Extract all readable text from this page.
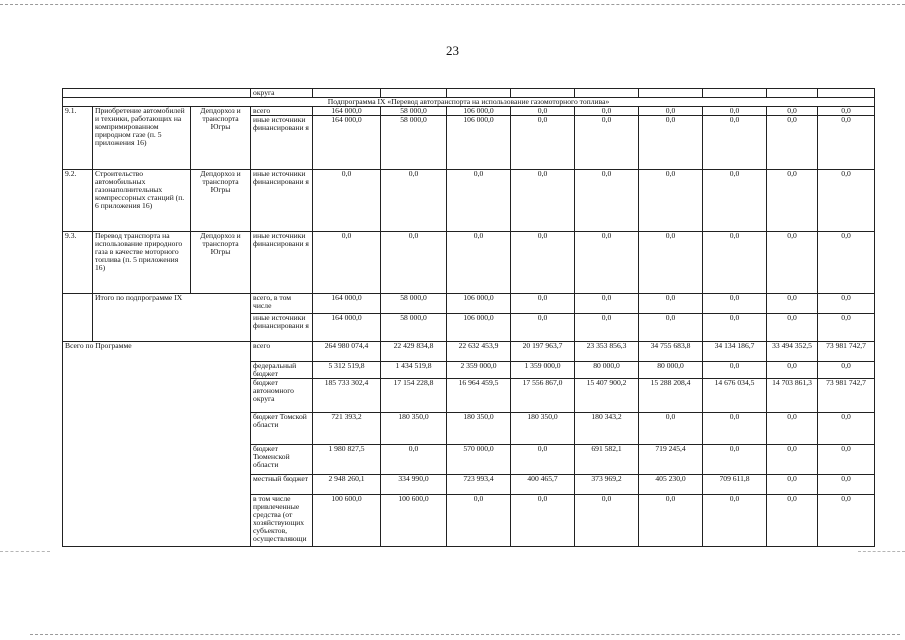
23
			округа									
Подпрограмма IX «Перевод автотранспорта на использование газомоторного топлива»												
9.1.	Приобретение автомобилей и техники, работающих на компримированном природном газе (п. 5 приложения 16)	Депдорхоз и транспорта Югры	всего	164 000,0	58 000,0	106 000,0	0,0	0,0	0,0	0,0	0,0	0,0
			иные источники финансировани я	164 000,0	58 000,0	106 000,0	0,0	0,0	0,0	0,0	0,0	0,0
9.2.	Строительство автомобильных газонаполнительных компрессорных станций (п. 6 приложения 16)	Депдорхоз и транспорта Югры	иные источники финансировани я	0,0	0,0	0,0	0,0	0,0	0,0	0,0	0,0	0,0
9.3.	Перевод транспорта на использование природного газа в качестве моторного топлива (п. 5 приложения 16)	Депдорхоз и транспорта Югры	иные источники финансировани я	0,0	0,0	0,0	0,0	0,0	0,0	0,0	0,0	0,0
	Итого по подпрограмме IX		всего, в том числе	164 000,0	58 000,0	106 000,0	0,0	0,0	0,0	0,0	0,0	0,0
			иные источники финансировани я	164 000,0	58 000,0	106 000,0	0,0	0,0	0,0	0,0	0,0	0,0
Всего по Программе			всего	264 980 074,4	22 429 834,8	22 632 453,9	20 197 963,7	23 353 856,3	34 755 683,8	34 134 186,7	33 494 352,5	73 981 742,7
			федеральный бюджет	5 312 519,8	1 434 519,8	2 359 000,0	1 359 000,0	80 000,0	80 000,0	0,0	0,0	0,0
			бюджет автономного округа	185 733 302,4	17 154 228,8	16 964 459,5	17 556 867,0	15 407 900,2	15 288 208,4	14 676 034,5	14 703 861,3	73 981 742,7
			бюджет Томской области	721 393,2	180 350,0	180 350,0	180 350,0	180 343,2	0,0	0,0	0,0	0,0
			бюджет Тюменской области	1 980 827,5	0,0	570 000,0	0,0	691 582,1	719 245,4	0,0	0,0	0,0
			местный бюджет	2 948 260,1	334 990,0	723 993,4	400 465,7	373 969,2	405 230,0	709 611,8	0,0	0,0
			в том числе привлеченные средства (от хозяйствующих субъектов, осуществляющи	100 600,0	100 600,0	0,0	0,0	0,0	0,0	0,0	0,0	0,0
